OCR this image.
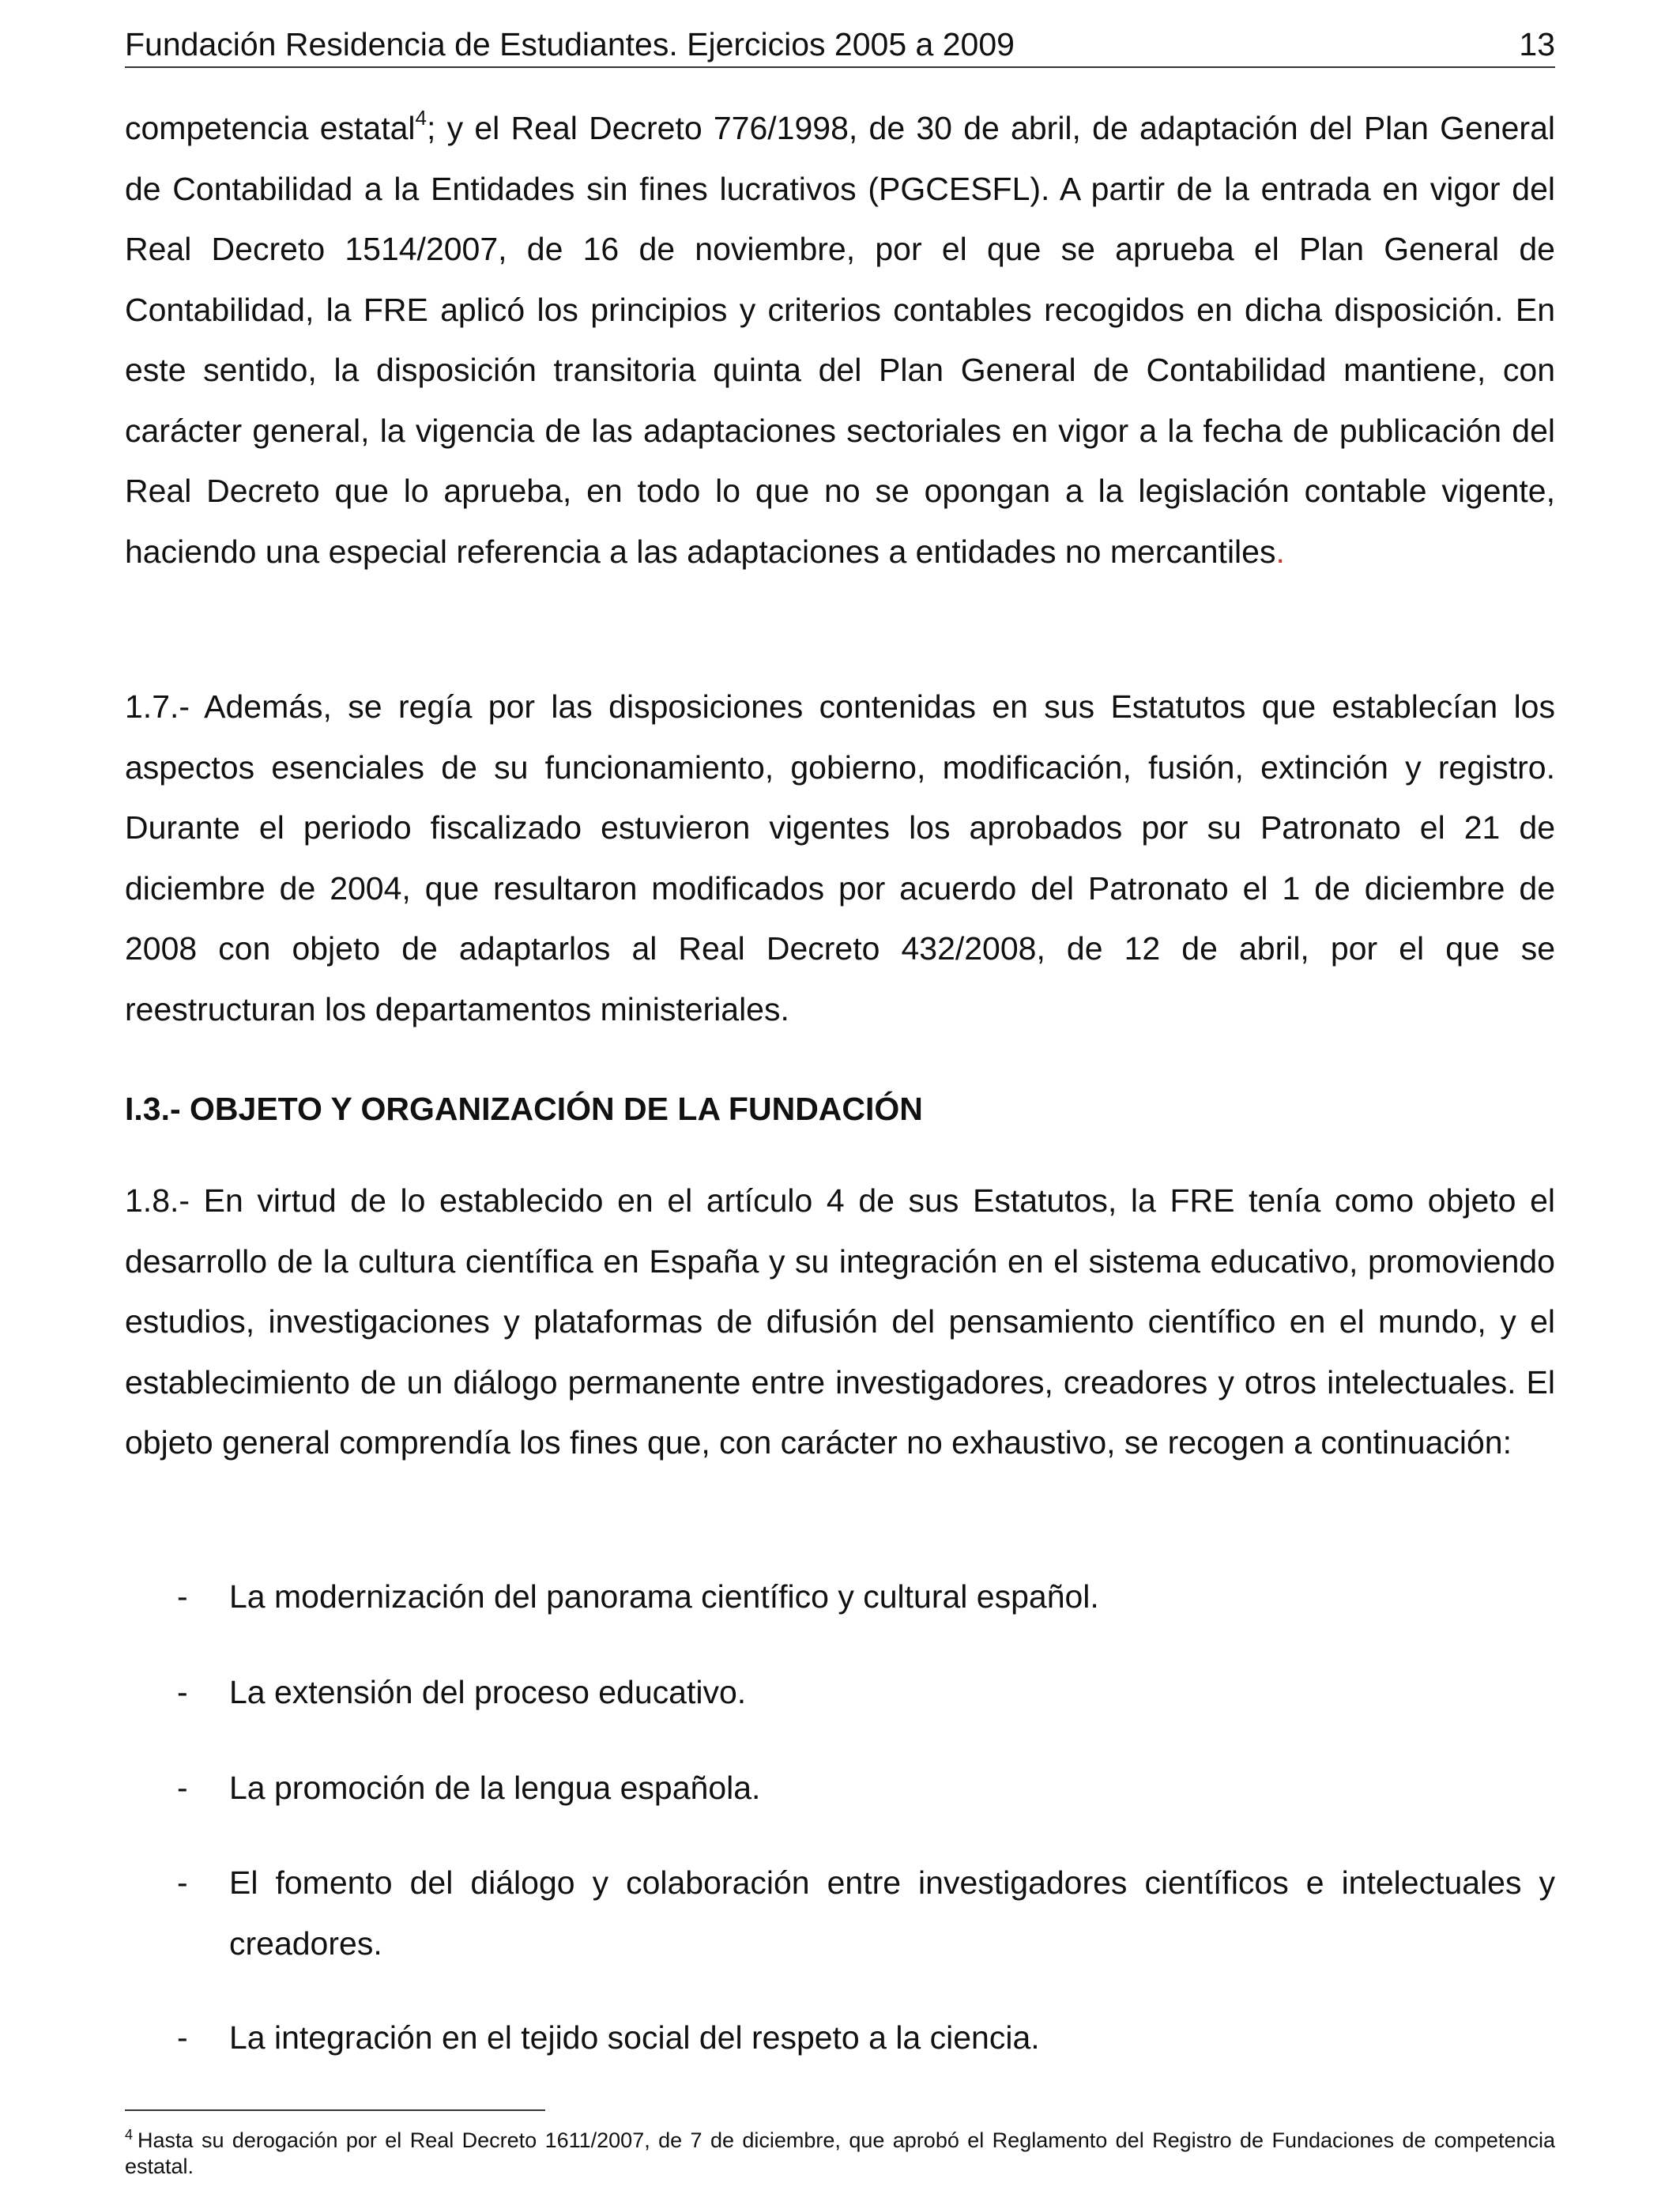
Fundación Residencia de Estudiantes. Ejercicios 2005 a 2009	13

competencia estatal$^4$; y el Real Decreto 776/1998, de 30 de abril, de adaptación del Plan General de Contabilidad a la Entidades sin fines lucrativos (PGCESFL). A partir de la entrada en vigor del Real Decreto 1514/2007, de 16 de noviembre, por el que se aprueba el Plan General de Contabilidad, la FRE aplicó los principios y criterios contables recogidos en dicha disposición. En este sentido, la disposición transitoria quinta del Plan General de Contabilidad mantiene, con carácter general, la vigencia de las adaptaciones sectoriales en vigor a la fecha de publicación del Real Decreto que lo aprueba, en todo lo que no se opongan a la legislación contable vigente, haciendo una especial referencia a las adaptaciones a entidades no mercantiles.

1.7.- Además, se regía por las disposiciones contenidas en sus Estatutos que establecían los aspectos esenciales de su funcionamiento, gobierno, modificación, fusión, extinción y registro. Durante el periodo fiscalizado estuvieron vigentes los aprobados por su Patronato el 21 de diciembre de 2004, que resultaron modificados por acuerdo del Patronato el 1 de diciembre de 2008 con objeto de adaptarlos al Real Decreto 432/2008, de 12 de abril, por el que se reestructuran los departamentos ministeriales.

I.3.- OBJETO Y ORGANIZACIÓN DE LA FUNDACIÓN

1.8.- En virtud de lo establecido en el artículo 4 de sus Estatutos, la FRE tenía como objeto el desarrollo de la cultura científica en España y su integración en el sistema educativo, promoviendo estudios, investigaciones y plataformas de difusión del pensamiento científico en el mundo, y el establecimiento de un diálogo permanente entre investigadores, creadores y otros intelectuales. El objeto general comprendía los fines que, con carácter no exhaustivo, se recogen a continuación:

- La modernización del panorama científico y cultural español.
- La extensión del proceso educativo.
- La promoción de la lengua española.
- El fomento del diálogo y colaboración entre investigadores científicos e intelectuales y creadores.
- La integración en el tejido social del respeto a la ciencia.

$^4$ Hasta su derogación por el Real Decreto 1611/2007, de 7 de diciembre, que aprobó el Reglamento del Registro de Fundaciones de competencia estatal.
